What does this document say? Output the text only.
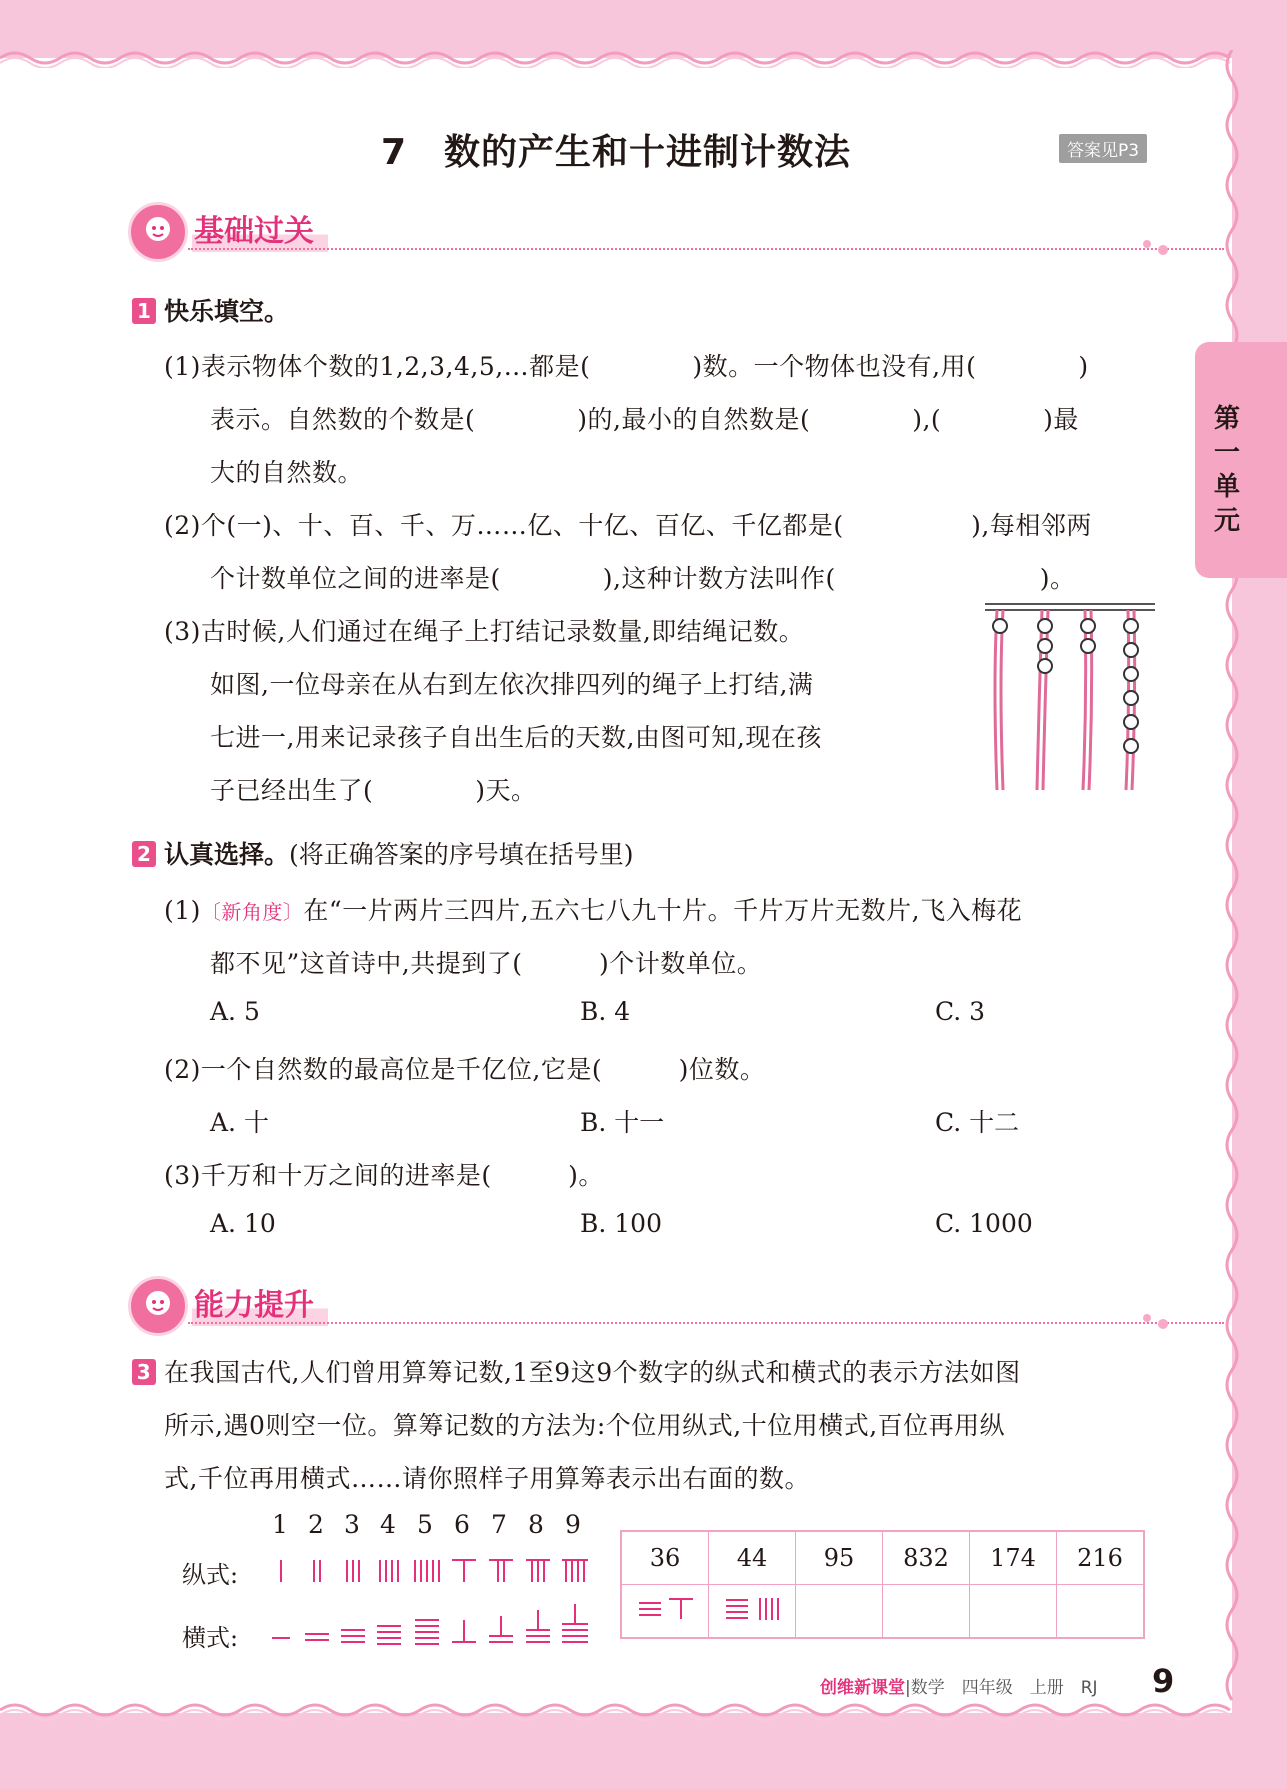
7　数的产生和十进制计数法	答案见P3
第一单元
基础过关
1 快乐填空。
(1)表示物体个数的1,2,3,4,5,…都是(　　　　)数。一个物体也没有,用(　　　　)
表示。自然数的个数是(　　　　)的,最小的自然数是(　　　　),(　　　　)最
大的自然数。
(2)个(一)、十、百、千、万……亿、十亿、百亿、千亿都是(　　　　　),每相邻两
个计数单位之间的进率是(　　　　),这种计数方法叫作(　　　　　　　　)。
(3)古时候,人们通过在绳子上打结记录数量,即结绳记数。
如图,一位母亲在从右到左依次排四列的绳子上打结,满
七进一,用来记录孩子自出生后的天数,由图可知,现在孩
子已经出生了(　　　　)天。
2 认真选择。(将正确答案的序号填在括号里)
(1)〔新角度〕在“一片两片三四片,五六七八九十片。千片万片无数片,飞入梅花
都不见”这首诗中,共提到了(　　　)个计数单位。
A. 5	B. 4	C. 3
(2)一个自然数的最高位是千亿位,它是(　　　)位数。
A. 十	B. 十一	C. 十二
(3)千万和十万之间的进率是(　　　)。
A. 10	B. 100	C. 1000
能力提升
3 在我国古代,人们曾用算筹记数,1至9这9个数字的纵式和横式的表示方法如图
所示,遇0则空一位。算筹记数的方法为:个位用纵式,十位用横式,百位再用纵
式,千位再用横式……请你照样子用算筹表示出右面的数。
1 2 3 4 5 6 7 8 9
纵式:
横式:
36	44	95	832	174	216

创维新课堂|数学　四年级　上册　RJ 9
